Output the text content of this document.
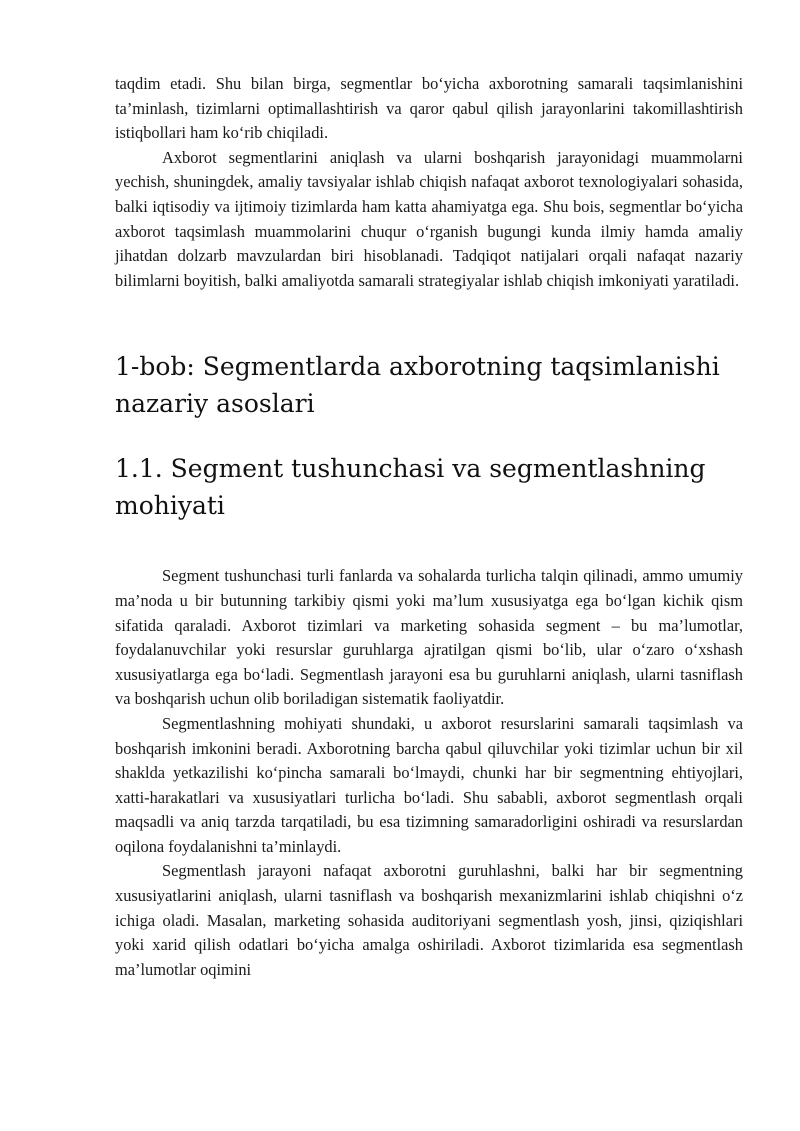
taqdim etadi. Shu bilan birga, segmentlar bo‘yicha axborotning samarali taqsimlanishini ta’minlash, tizimlarni optimallashtirish va qaror qabul qilish jarayonlarini takomillashtirish istiqbollari ham ko‘rib chiqiladi.

Axborot segmentlarini aniqlash va ularni boshqarish jarayonidagi muammolarni yechish, shuningdek, amaliy tavsiyalar ishlab chiqish nafaqat axborot texnologiyalari sohasida, balki iqtisodiy va ijtimoiy tizimlarda ham katta ahamiyatga ega. Shu bois, segmentlar bo‘yicha axborot taqsimlash muammolarini chuqur o‘rganish bugungi kunda ilmiy hamda amaliy jihatdan dolzarb mavzulardan biri hisoblanadi. Tadqiqot natijalari orqali nafaqat nazariy bilimlarni boyitish, balki amaliyotda samarali strategiyalar ishlab chiqish imkoniyati yaratiladi.

1-bob: Segmentlarda axborotning taqsimlanishi nazariy asoslari
1.1. Segment tushunchasi va segmentlashning mohiyati

Segment tushunchasi turli fanlarda va sohalarda turlicha talqin qilinadi, ammo umumiy ma’noda u bir butunning tarkibiy qismi yoki ma’lum xususiyatga ega bo‘lgan kichik qism sifatida qaraladi. Axborot tizimlari va marketing sohasida segment – bu ma’lumotlar, foydalanuvchilar yoki resurslar guruhlarga ajratilgan qismi bo‘lib, ular o‘zaro o‘xshash xususiyatlarga ega bo‘ladi. Segmentlash jarayoni esa bu guruhlarni aniqlash, ularni tasniflash va boshqarish uchun olib boriladigan sistematik faoliyatdir.

Segmentlashning mohiyati shundaki, u axborot resurslarini samarali taqsimlash va boshqarish imkonini beradi. Axborotning barcha qabul qiluvchilar yoki tizimlar uchun bir xil shaklda yetkazilishi ko‘pincha samarali bo‘lmaydi, chunki har bir segmentning ehtiyojlari, xatti-harakatlari va xususiyatlari turlicha bo‘ladi. Shu sababli, axborot segmentlash orqali maqsadli va aniq tarzda tarqatiladi, bu esa tizimning samaradorligini oshiradi va resurslardan oqilona foydalanishni ta’minlaydi.

Segmentlash jarayoni nafaqat axborotni guruhlashni, balki har bir segmentning xususiyatlarini aniqlash, ularni tasniflash va boshqarish mexanizmlarini ishlab chiqishni o‘z ichiga oladi. Masalan, marketing sohasida auditoriyani segmentlash yosh, jinsi, qiziqishlari yoki xarid qilish odatlari bo‘yicha amalga oshiriladi. Axborot tizimlarida esa segmentlash ma’lumotlar oqimini
